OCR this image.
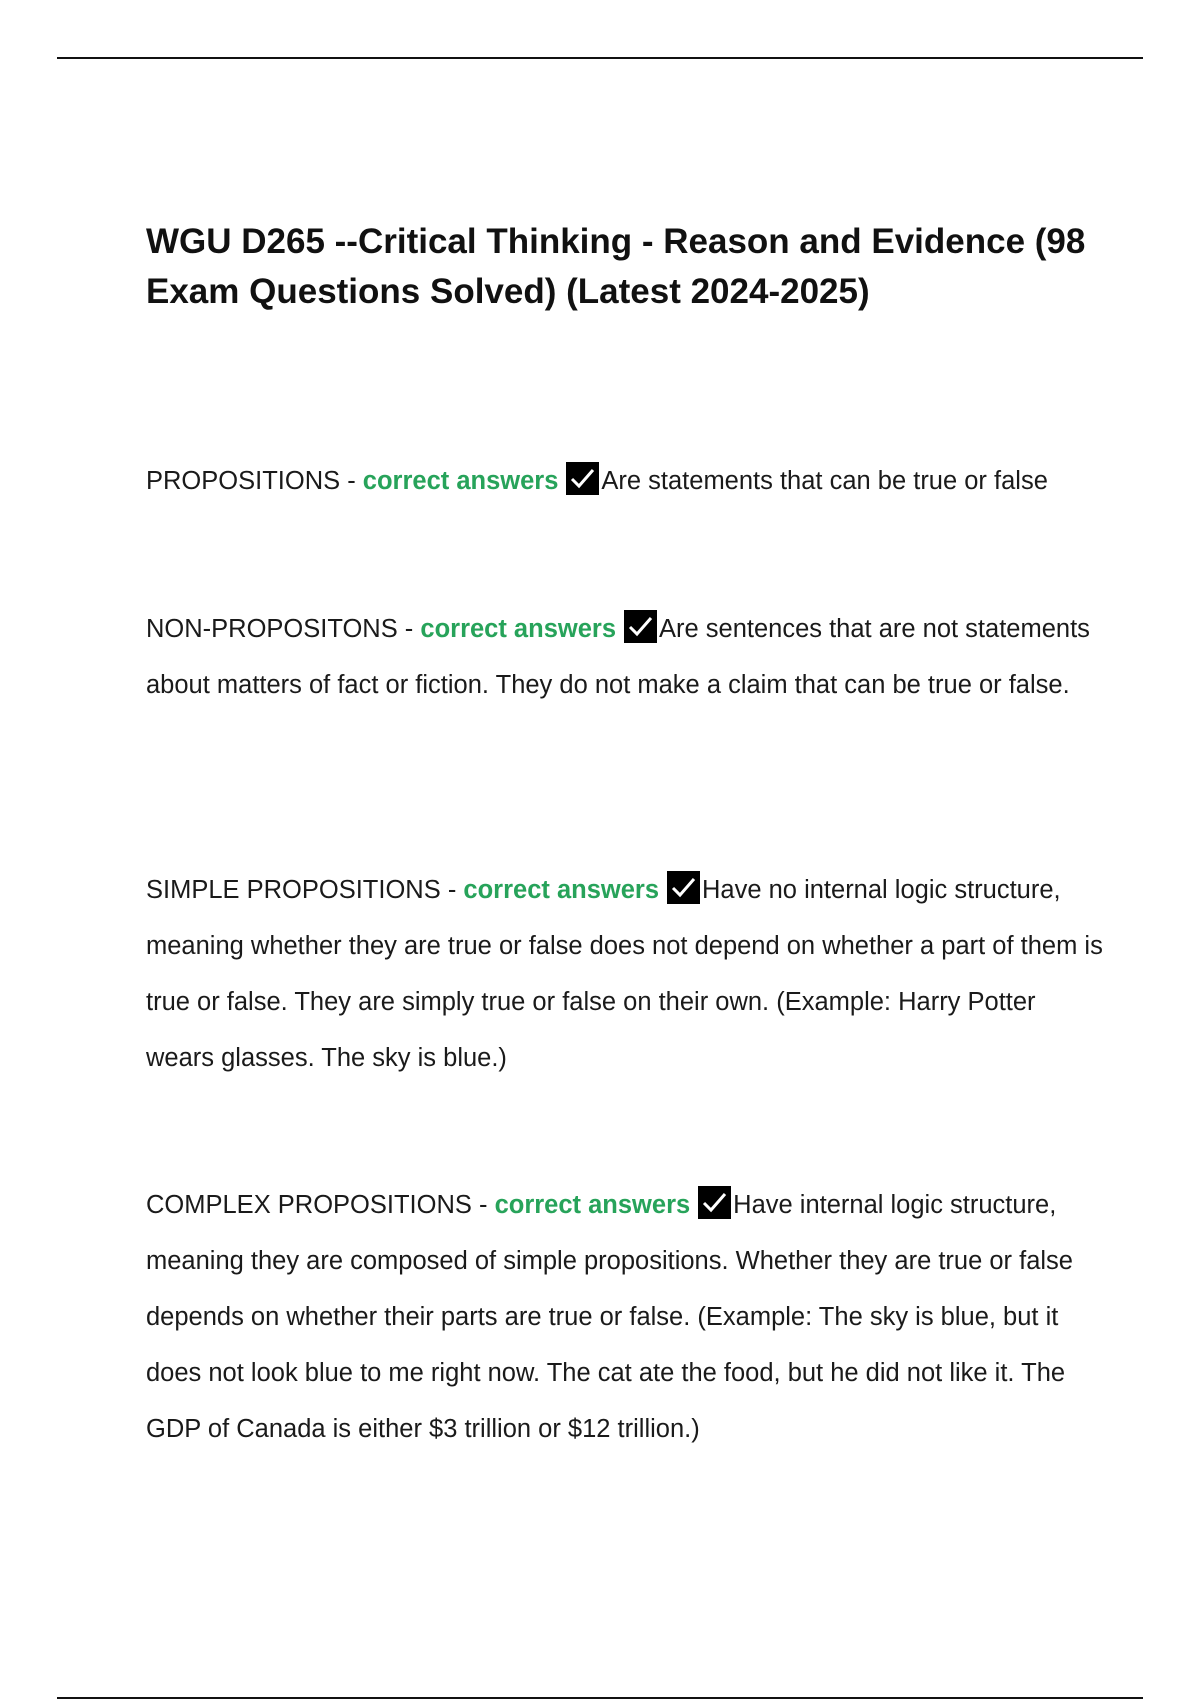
WGU D265 --Critical Thinking - Reason and Evidence (98 Exam Questions Solved) (Latest 2024-2025)

PROPOSITIONS - correct answers Are statements that can be true or false

NON-PROPOSITONS - correct answers Are sentences that are not statements about matters of fact or fiction. They do not make a claim that can be true or false.

SIMPLE PROPOSITIONS - correct answers Have no internal logic structure, meaning whether they are true or false does not depend on whether a part of them is true or false. They are simply true or false on their own. (Example: Harry Potter wears glasses. The sky is blue.)

COMPLEX PROPOSITIONS - correct answers Have internal logic structure, meaning they are composed of simple propositions. Whether they are true or false depends on whether their parts are true or false. (Example: The sky is blue, but it does not look blue to me right now. The cat ate the food, but he did not like it. The GDP of Canada is either $3 trillion or $12 trillion.)
